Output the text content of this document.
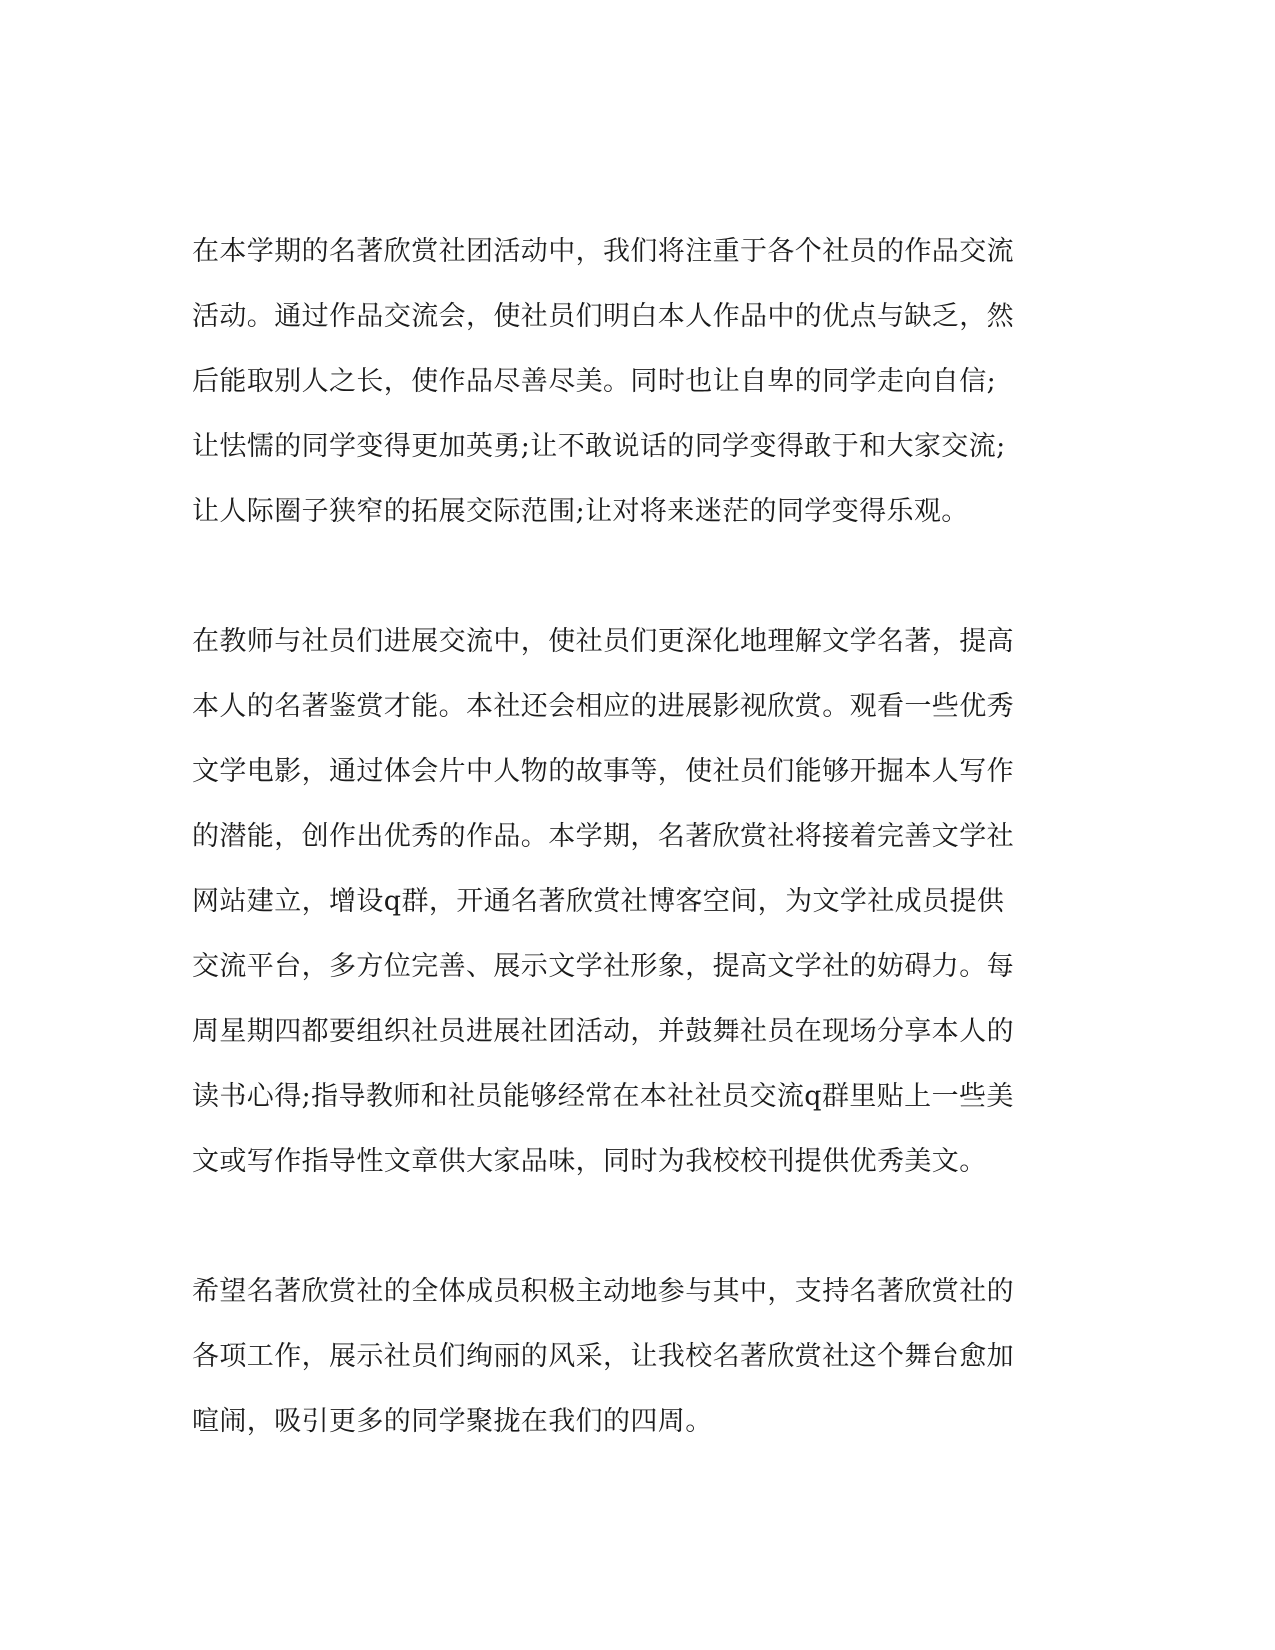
在本学期的名著欣赏社团活动中，我们将注重于各个社员的作品交流
活动。通过作品交流会，使社员们明白本人作品中的优点与缺乏，然
后能取别人之长，使作品尽善尽美。同时也让自卑的同学走向自信;
让怯懦的同学变得更加英勇;让不敢说话的同学变得敢于和大家交流;
让人际圈子狭窄的拓展交际范围;让对将来迷茫的同学变得乐观。
在教师与社员们进展交流中，使社员们更深化地理解文学名著，提高
本人的名著鉴赏才能。本社还会相应的进展影视欣赏。观看一些优秀
文学电影，通过体会片中人物的故事等，使社员们能够开掘本人写作
的潜能，创作出优秀的作品。本学期，名著欣赏社将接着完善文学社
网站建立，增设q群，开通名著欣赏社博客空间，为文学社成员提供
交流平台，多方位完善、展示文学社形象，提高文学社的妨碍力。每
周星期四都要组织社员进展社团活动，并鼓舞社员在现场分享本人的
读书心得;指导教师和社员能够经常在本社社员交流q群里贴上一些美
文或写作指导性文章供大家品味，同时为我校校刊提供优秀美文。
希望名著欣赏社的全体成员积极主动地参与其中，支持名著欣赏社的
各项工作，展示社员们绚丽的风采，让我校名著欣赏社这个舞台愈加
喧闹，吸引更多的同学聚拢在我们的四周。
